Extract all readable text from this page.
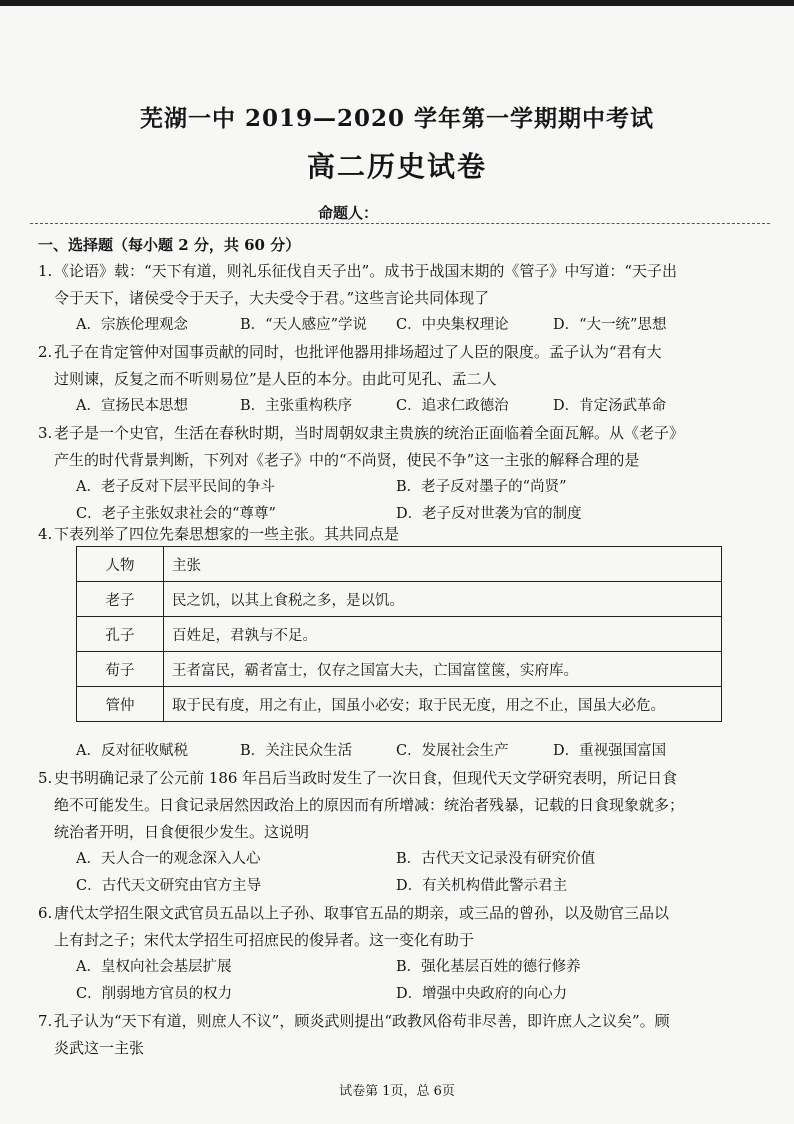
芜湖一中 2019—2020 学年第一学期期中考试
高二历史试卷
命题人：
一、选择题（每小题 2 分，共 60 分）
1. 《论语》载：“天下有道，则礼乐征伐自天子出”。成书于战国末期的《管子》中写道：“天子出
令于天下，诸侯受令于天子，大夫受令于君。”这些言论共同体现了
A．宗族伦理观念	B．“天人感应”学说 C．中央集权理论	D．“大一统”思想
2. 孔子在肯定管仲对国事贡献的同时，也批评他器用排场超过了人臣的限度。孟子认为“君有大
过则谏，反复之而不听则易位”是人臣的本分。由此可见孔、孟二人
A．宣扬民本思想	B．主张重构秩序	C．追求仁政德治	D．肯定汤武革命
3. 老子是一个史官，生活在春秋时期，当时周朝奴隶主贵族的统治正面临着全面瓦解。从《老子》
产生的时代背景判断，下列对《老子》中的“不尚贤，使民不争”这一主张的解释合理的是
A．老子反对下层平民间的争斗	B．老子反对墨子的“尚贤”
C．老子主张奴隶社会的“尊尊”	D．老子反对世袭为官的制度
4. 下表列举了四位先秦思想家的一些主张。其共同点是
人物	主张
老子	民之饥，以其上食税之多，是以饥。
孔子	百姓足，君孰与不足。
荀子	王者富民，霸者富士，仅存之国富大夫，亡国富筐箧，实府库。
管仲	取于民有度，用之有止，国虽小必安；取于民无度，用之不止，国虽大必危。
A．反对征收赋税	B．关注民众生活	C．发展社会生产	D．重视强国富国
5. 史书明确记录了公元前 186 年吕后当政时发生了一次日食，但现代天文学研究表明，所记日食
绝不可能发生。日食记录居然因政治上的原因而有所增减：统治者残暴，记载的日食现象就多；
统治者开明，日食便很少发生。这说明
A．天人合一的观念深入人心	B．古代天文记录没有研究价值
C．古代天文研究由官方主导	D．有关机构借此警示君主
6. 唐代太学招生限文武官员五品以上子孙、取事官五品的期亲，或三品的曾孙，以及勋官三品以
上有封之子；宋代太学招生可招庶民的俊异者。这一变化有助于
A．皇权向社会基层扩展	B．强化基层百姓的德行修养
C．削弱地方官员的权力	D．增强中央政府的向心力
7. 孔子认为“天下有道，则庶人不议”，顾炎武则提出“政教风俗苟非尽善，即许庶人之议矣”。顾
炎武这一主张
试卷第 1页，总 6页
